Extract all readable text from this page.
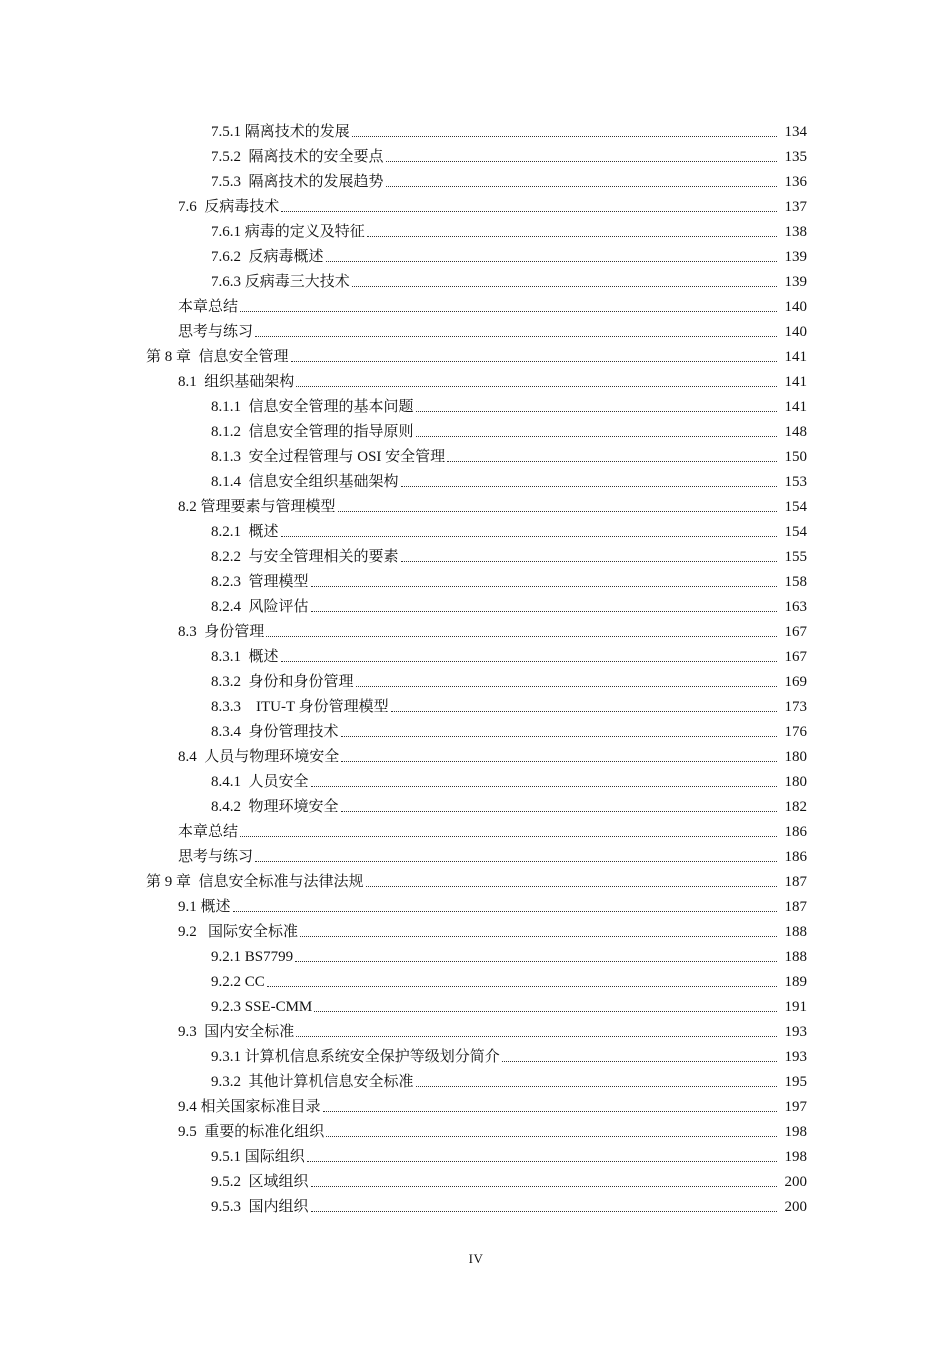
7.5.1 隔离技术的发展	134
7.5.2  隔离技术的安全要点	135
7.5.3  隔离技术的发展趋势	136
7.6  反病毒技术	137
7.6.1 病毒的定义及特征	138
7.6.2  反病毒概述	139
7.6.3 反病毒三大技术	139
本章总结	140
思考与练习	140
第 8 章  信息安全管理	141
8.1  组织基础架构	141
8.1.1  信息安全管理的基本问题	141
8.1.2  信息安全管理的指导原则	148
8.1.3  安全过程管理与 OSI 安全管理	150
8.1.4  信息安全组织基础架构	153
8.2 管理要素与管理模型	154
8.2.1  概述	154
8.2.2  与安全管理相关的要素	155
8.2.3  管理模型	158
8.2.4  风险评估	163
8.3  身份管理	167
8.3.1  概述	167
8.3.2  身份和身份管理	169
8.3.3    ITU-T 身份管理模型	173
8.3.4  身份管理技术	176
8.4  人员与物理环境安全	180
8.4.1  人员安全	180
8.4.2  物理环境安全	182
本章总结	186
思考与练习	186
第 9 章  信息安全标准与法律法规	187
9.1 概述	187
9.2   国际安全标准	188
9.2.1 BS7799	188
9.2.2 CC	189
9.2.3 SSE-CMM	191
9.3  国内安全标准	193
9.3.1 计算机信息系统安全保护等级划分简介	193
9.3.2  其他计算机信息安全标准	195
9.4 相关国家标准目录	197
9.5  重要的标准化组织	198
9.5.1 国际组织	198
9.5.2  区域组织	200
9.5.3  国内组织	200
IV
